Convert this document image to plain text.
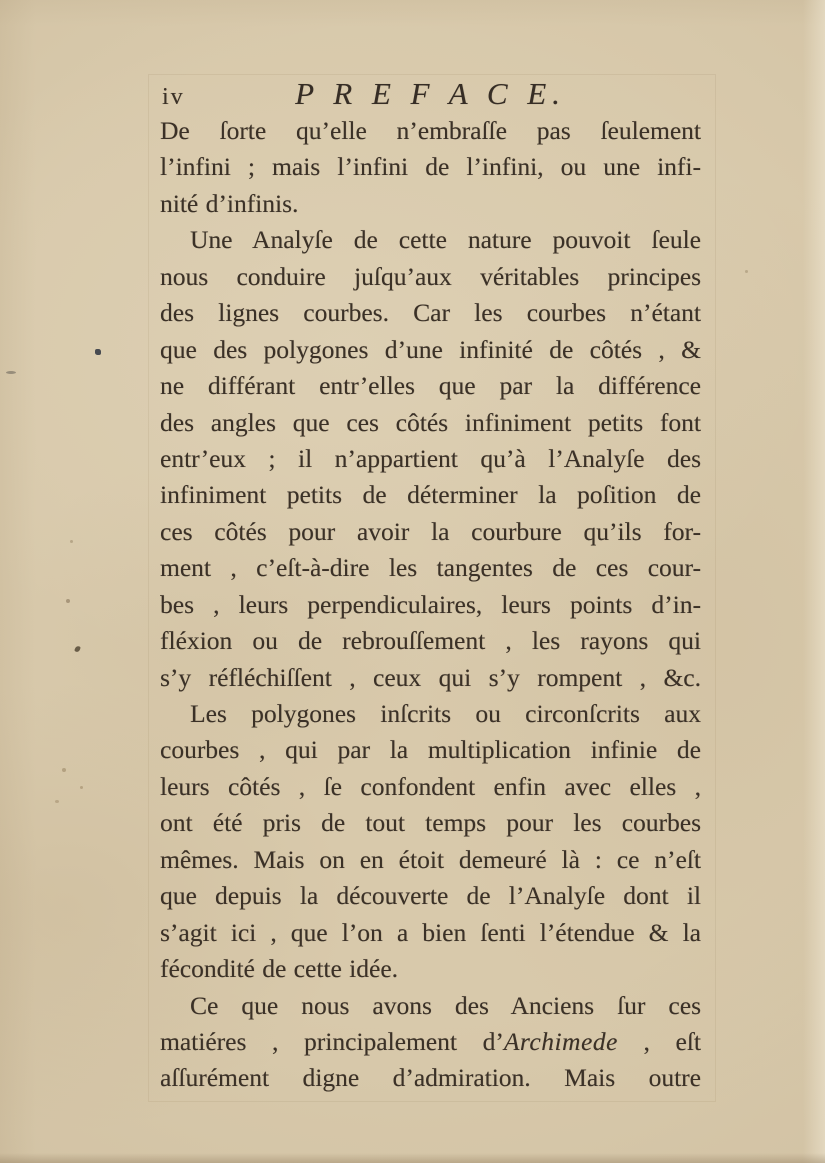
iv	P R E F A C E.
De ſorte qu’elle n’embraſſe pas ſeulement
l’infini ; mais l’infini de l’infini, ou une infi-
nité d’infinis.
Une Analyſe de cette nature pouvoit ſeule
nous conduire juſqu’aux véritables principes
des lignes courbes. Car les courbes n’étant
que des polygones d’une infinité de côtés , &
ne différant entr’elles que par la différence
des angles que ces côtés infiniment petits font
entr’eux ; il n’appartient qu’à l’Analyſe des
infiniment petits de déterminer la poſition de
ces côtés pour avoir la courbure qu’ils for-
ment , c’eſt-à-dire les tangentes de ces cour-
bes , leurs perpendiculaires, leurs points d’in-
fléxion ou de rebrouſſement , les rayons qui
s’y réfléchiſſent , ceux qui s’y rompent , &c.
Les polygones inſcrits ou circonſcrits aux
courbes , qui par la multiplication infinie de
leurs côtés , ſe confondent enfin avec elles ,
ont été pris de tout temps pour les courbes
mêmes. Mais on en étoit demeuré là : ce n’eſt
que depuis la découverte de l’Analyſe dont il
s’agit ici , que l’on a bien ſenti l’étendue & la
fécondité de cette idée.
Ce que nous avons des Anciens ſur ces
matiéres , principalement d’Archimede , eſt
aſſurément digne d’admiration. Mais outre
